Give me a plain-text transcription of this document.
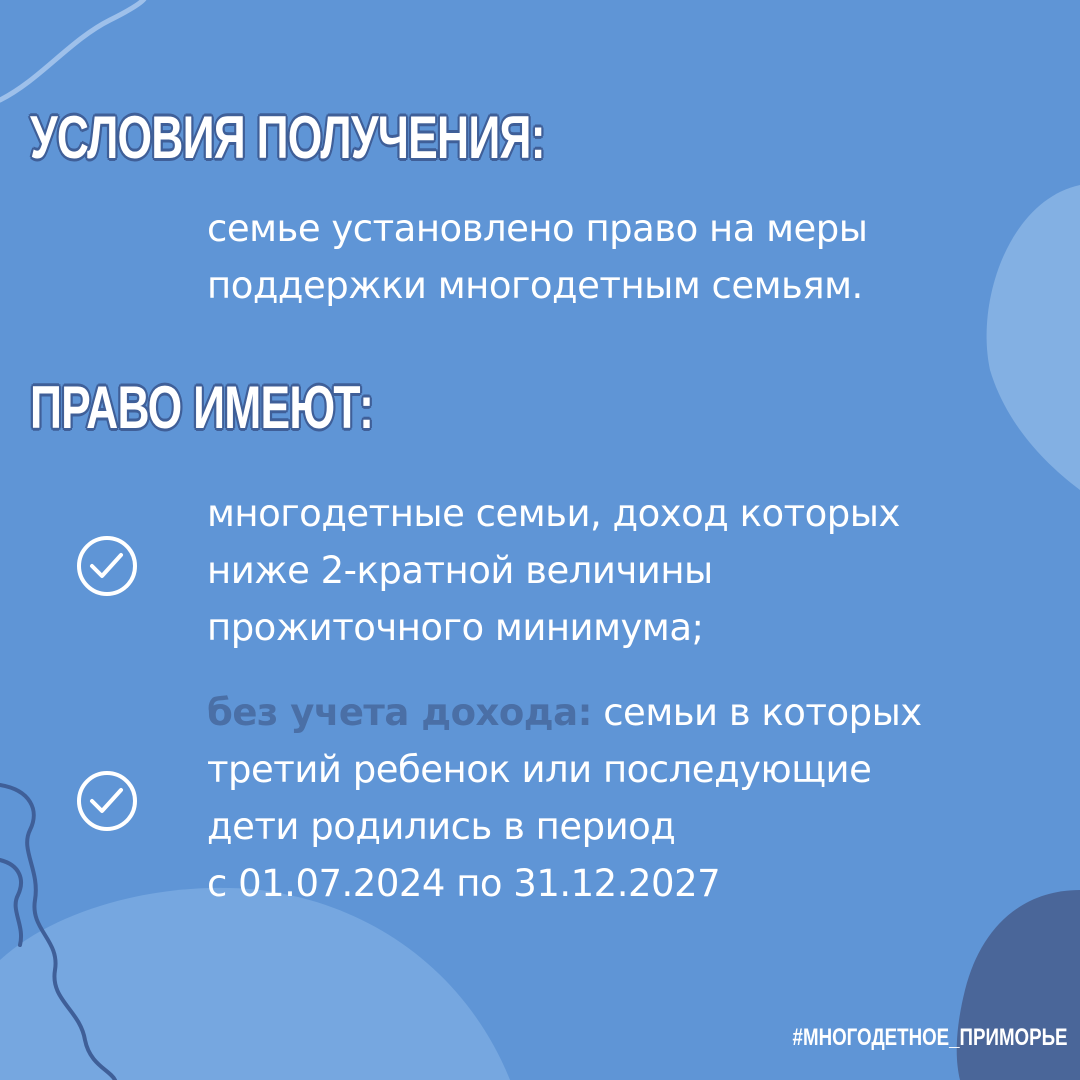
УСЛОВИЯ ПОЛУЧЕНИЯ:
семье установлено право на меры
поддержки многодетным семьям.
ПРАВО ИМЕЮТ:
многодетные семьи, доход которых
ниже 2-кратной величины
прожиточного минимума;
без учета дохода: семьи в которых
третий ребенок или последующие
дети родились в период
с 01.07.2024 по 31.12.2027
#МНОГОДЕТНОЕ_ПРИМОРЬЕ
